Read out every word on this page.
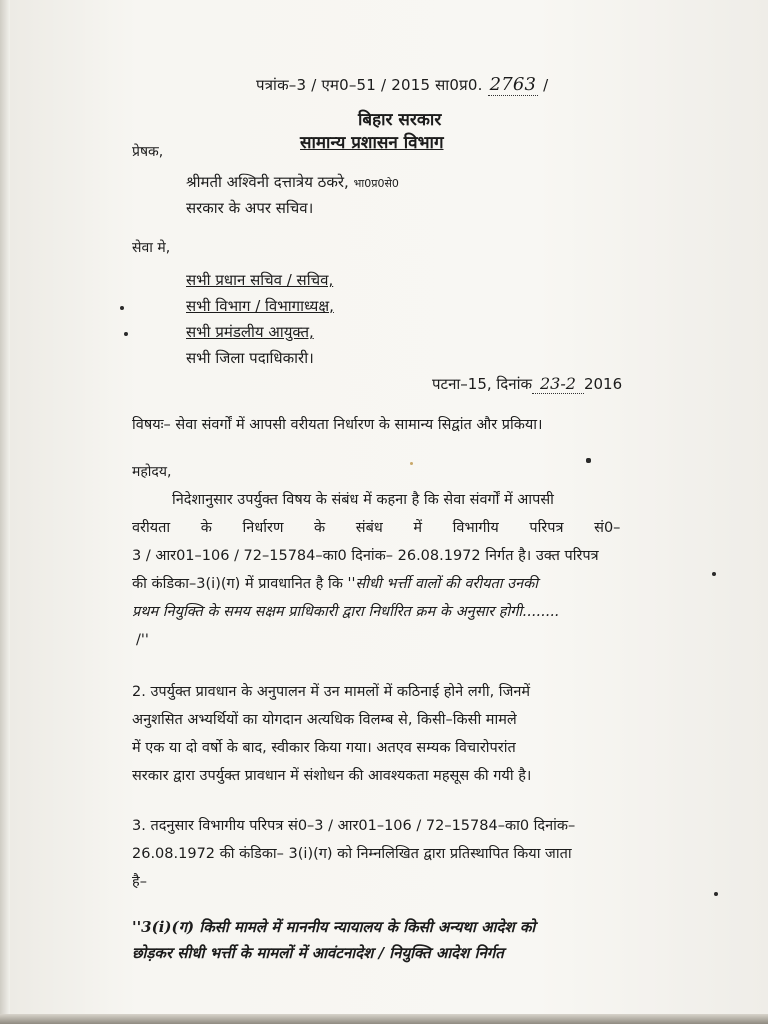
पत्रांक–3 / एम0–51 / 2015 सा0प्र0. 2763 /
बिहार सरकार
सामान्य प्रशासन विभाग
प्रेषक,
श्रीमती अश्विनी दत्तात्रेय ठकरे, भा0प्र0से0
सरकार के अपर सचिव।
सेवा मे,
सभी प्रधान सचिव / सचिव,
सभी विभाग / विभागाध्यक्ष,
सभी प्रमंडलीय आयुक्त,
सभी जिला पदाधिकारी।
पटना–15, दिनांक 23-2 2016
विषयः– सेवा संवर्गों में आपसी वरीयता निर्धारण के सामान्य सिद्वांत और प्रकिया।
महोदय,
निदेशानुसार उपर्युक्त विषय के संबंध में कहना है कि सेवा संवर्गों में आपसी
वरीयता के निर्धारण के संबंध में विभागीय परिपत्र सं0–
3 / आर01–106 / 72–15784–का0 दिनांक– 26.08.1972 निर्गत है। उक्त परिपत्र
की कंडिका–3(i)(ग) में प्रावधानित है कि ''सीधी भर्त्ती वालों की वरीयता उनकी
प्रथम नियुक्ति के समय सक्षम प्राधिकारी द्वारा निर्धारित क्रम के अनुसार होगी........
/''
2. उपर्युक्त प्रावधान के अनुपालन में उन मामलों में कठिनाई होने लगी, जिनमें
अनुशसित अभ्यर्थियों का योगदान अत्यधिक विलम्ब से, किसी–किसी मामले
में एक या दो वर्षो के बाद, स्वीकार किया गया। अतएव सम्यक विचारोपरांत
सरकार द्वारा उपर्युक्त प्रावधान में संशोधन की आवश्यकता महसूस की गयी है।
3. तदनुसार विभागीय परिपत्र सं0–3 / आर01–106 / 72–15784–का0 दिनांक–
26.08.1972 की कंडिका– 3(i)(ग) को निम्नलिखित द्वारा प्रतिस्थापित किया जाता
है–
''3(i)(ग) किसी मामले में माननीय न्यायालय के किसी अन्यथा आदेश को
छोड़कर सीधी भर्त्ती के मामलों में आवंटनादेश / नियुक्ति आदेश निर्गत
